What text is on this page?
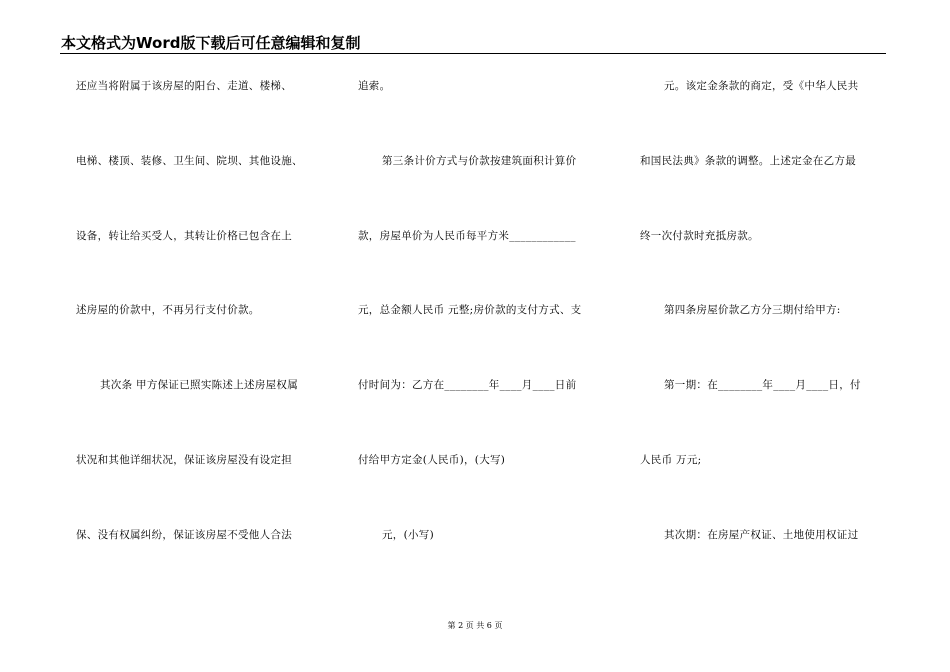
本文格式为Word版下载后可任意编辑和复制
还应当将附属于该房屋的阳台、走道、楼梯、
电梯、楼顶、装修、卫生间、院坝、其他设施、
设备，转让给买受人，其转让价格已包含在上
述房屋的价款中，不再另行支付价款。
其次条 甲方保证已照实陈述上述房屋权属
状况和其他详细状况，保证该房屋没有设定担
保、没有权属纠纷，保证该房屋不受他人合法
追索。
第三条计价方式与价款按建筑面积计算价
款，房屋单价为人民币每平方米____________
元，总金额人民币 元整;房价款的支付方式、支
付时间为：乙方在________年____月____日前
付给甲方定金(人民币)，(大写)
元，(小写)
元。该定金条款的商定，受《中华人民共
和国民法典》条款的调整。上述定金在乙方最
终一次付款时充抵房款。
第四条房屋价款乙方分三期付给甲方:
第一期：在________年____月____日，付
人民币 万元;
其次期：在房屋产权证、土地使用权证过
第 2 页 共 6 页
